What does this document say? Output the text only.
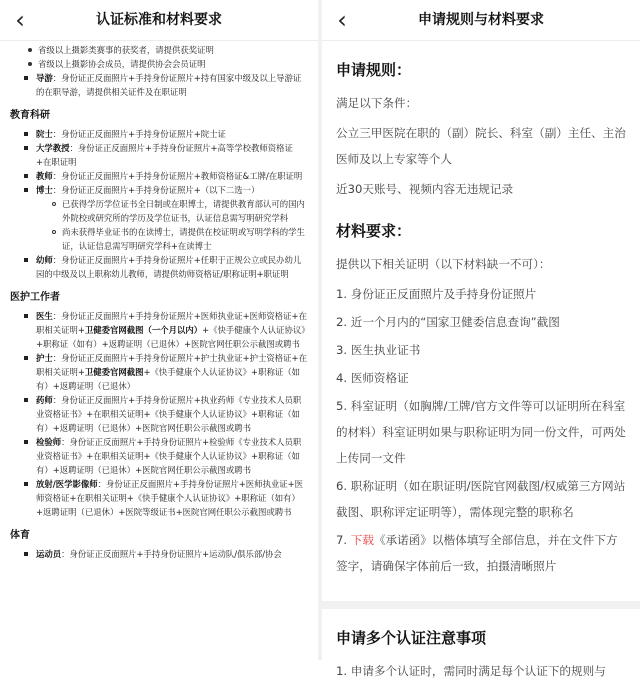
‹	认证标准和材料要求
省级以上摄影类赛事的获奖者，请提供获奖证明
省级以上摄影协会成员，请提供协会会员证明
导游：身份证正反面照片+手持身份证照片+持有国家中级及以上导游证的在职导游，请提供相关证件及在职证明
教育科研
院士：身份证正反面照片+手持身份证照片+院士证
大学教授：身份证正反面照片+手持身份证照片+高等学校教师资格证+在职证明
教师：身份证正反面照片+手持身份证照片+教师资格证&工牌/在职证明
博士：身份证正反面照片+手持身份证照片+（以下二选一）
已获得学历学位证书全日制或在职博士，请提供教育部认可的国内外院校或研究所的学历及学位证书，认证信息需写明研究学科
尚未获得毕业证书的在读博士，请提供在校证明或写明学科的学生证，认证信息需写明研究学科+在读博士
幼师：身份证正反面照片+手持身份证照片+任职于正规公立或民办幼儿园的中级及以上职称幼儿教师，请提供幼师资格证/职称证明+职证明
医护工作者
医生：身份证正反面照片+手持身份证照片+医师执业证+医师资格证+在职相关证明+卫健委官网截图（一个月以内）+《快手健康个人认证协议》+职称证（如有）+返聘证明（已退休）+医院官网任职公示截图或聘书
护士：身份证正反面照片+手持身份证照片+护士执业证+护士资格证+在职相关证明+卫健委官网截图+《快手健康个人认证协议》+职称证（如有）+返聘证明（已退休）
药师：身份证正反面照片+手持身份证照片+执业药师《专业技术人员职业资格证书》+在职相关证明+《快手健康个人认证协议》+职称证（如有）+返聘证明（已退休）+医院官网任职公示截图或聘书
检验师：身份证正反面照片+手持身份证照片+检验师《专业技术人员职业资格证书》+在职相关证明+《快手健康个人认证协议》+职称证（如有）+返聘证明（已退休）+医院官网任职公示截图或聘书
放射/医学影像师：身份证正反面照片+手持身份证照片+医师执业证+医师资格证+在职相关证明+《快手健康个人认证协议》+职称证（如有）+返聘证明（已退休）+医院等级证书+医院官网任职公示截图或聘书
体育
运动员：身份证正反面照片+手持身份证照片+运动队/俱乐部/协会
‹	申请规则与材料要求
申请规则：
满足以下条件：
公立三甲医院在职的（副）院长、科室（副）主任、主治医师及以上专家等个人
近30天账号、视频内容无违规记录
材料要求：
提供以下相关证明（以下材料缺一不可）：
1. 身份证正反面照片及手持身份证照片
2. 近一个月内的“国家卫健委信息查询”截图
3. 医生执业证书
4. 医师资格证
5. 科室证明（如胸牌/工牌/官方文件等可以证明所在科室的材料）科室证明如果与职称证明为同一份文件，可两处上传同一文件
6. 职称证明（如在职证明/医院官网截图/权威第三方网站截图、职称评定证明等），需体现完整的职称名
7. 下载《承诺函》以楷体填写全部信息，并在文件下方签字，请确保字体前后一致，拍摄清晰照片
申请多个认证注意事项
1. 申请多个认证时，需同时满足每个认证下的规则与
